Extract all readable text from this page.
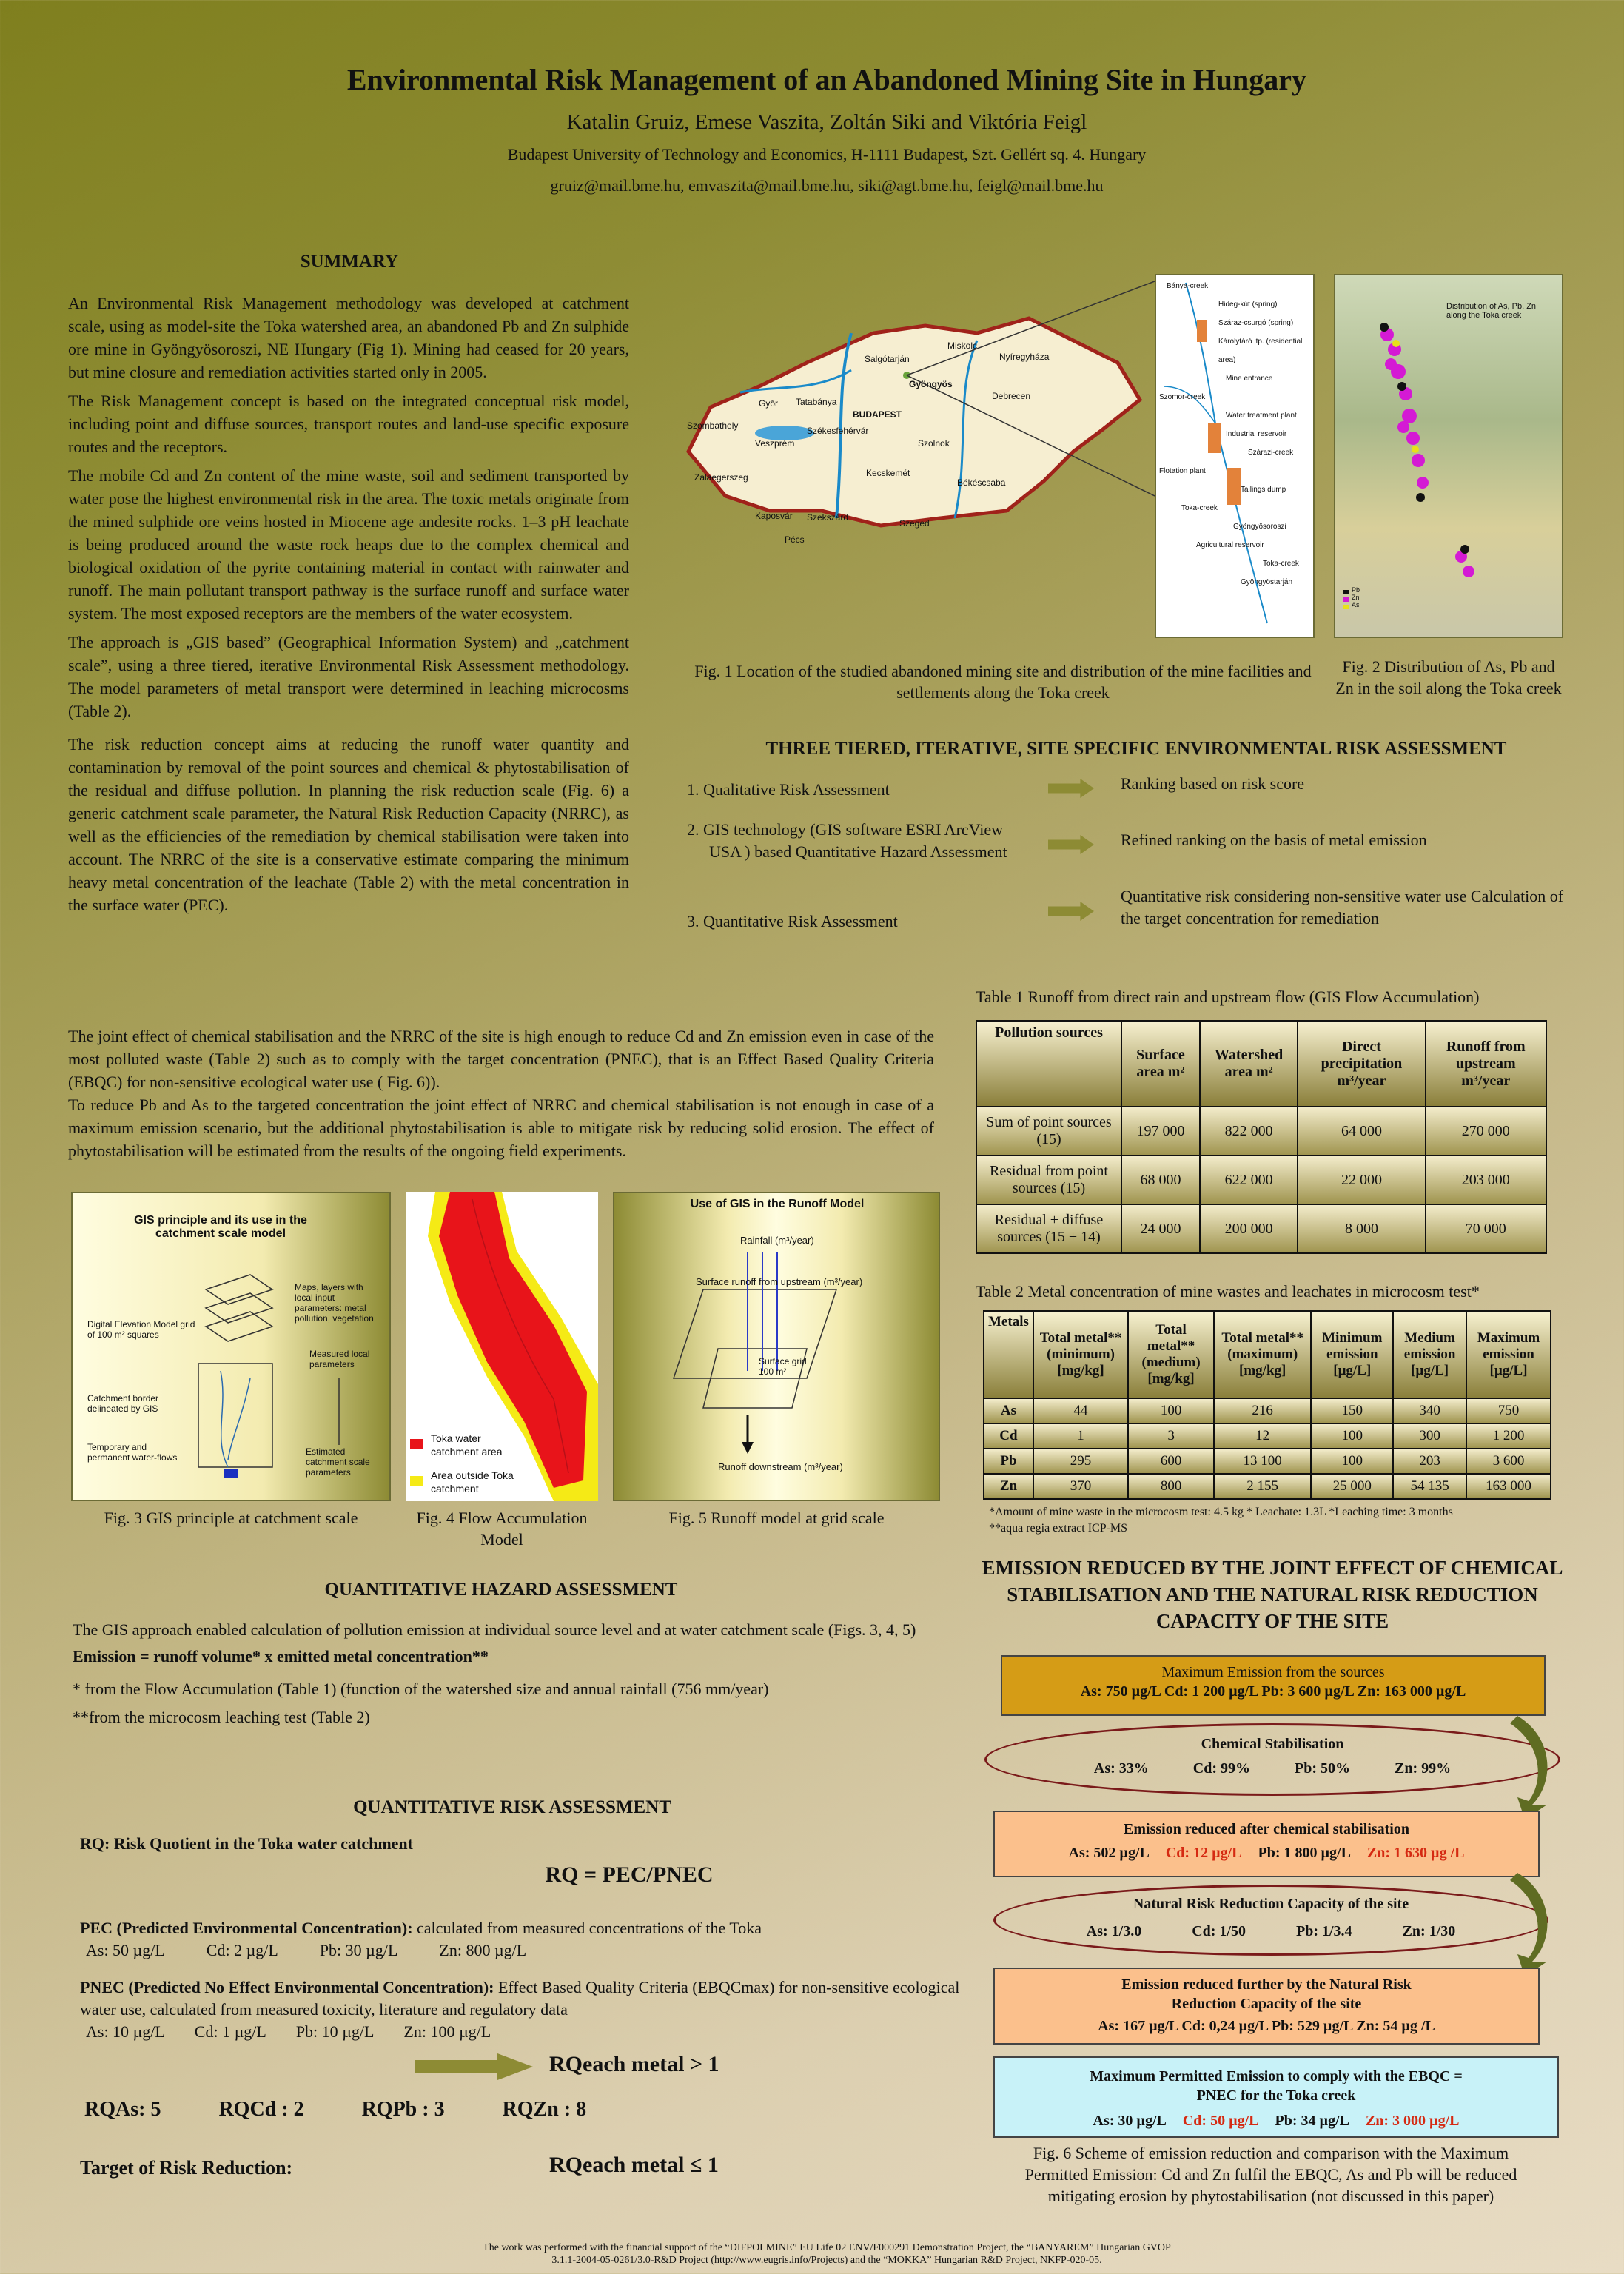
Environmental Risk Management of an Abandoned Mining Site in Hungary
Katalin Gruiz, Emese Vaszita, Zoltán Siki and Viktória Feigl
Budapest University of Technology and Economics, H-1111 Budapest, Szt. Gellért sq. 4. Hungary
gruiz@mail.bme.hu, emvaszita@mail.bme.hu, siki@agt.bme.hu, feigl@mail.bme.hu
SUMMARY

An Environmental Risk Management methodology was developed at catchment scale, using as model-site the Toka watershed area, an abandoned Pb and Zn sulphide ore mine in Gyöngyösoroszi, NE Hungary (Fig 1). Mining had ceased for 20 years, but mine closure and remediation activities started only in 2005.

The Risk Management concept is based on the integrated conceptual risk model, including point and diffuse sources, transport routes and land-use specific exposure routes and the receptors.

The mobile Cd and Zn content of the mine waste, soil and sediment transported by water pose the highest environmental risk in the area. The toxic metals originate from the mined sulphide ore veins hosted in Miocene age andesite rocks. 1–3 pH leachate is being produced around the waste rock heaps due to the complex chemical and biological oxidation of the pyrite containing material in contact with rainwater and runoff. The main pollutant transport pathway is the surface runoff and surface water system. The most exposed receptors are the members of the water ecosystem.

The approach is „GIS based” (Geographical Information System) and „catchment scale”, using a three tiered, iterative Environmental Risk Assessment methodology. The model parameters of metal transport were determined in leaching microcosms (Table 2).

The risk reduction concept aims at reducing the runoff water quantity and contamination by removal of the point sources and chemical & phytostabilisation of the residual and diffuse pollution. In planning the risk reduction scale (Fig. 6) a generic catchment scale parameter, the Natural Risk Reduction Capacity (NRRC), as well as the efficiencies of the remediation by chemical stabilisation were taken into account. The NRRC of the site is a conservative estimate comparing the minimum heavy metal concentration of the leachate (Table 2) with the metal concentration in the surface water (PEC).

The joint effect of chemical stabilisation and the NRRC of the site is high enough to reduce Cd and Zn emission even in case of the most polluted waste (Table 2) such as to comply with the target concentration (PNEC), that is an Effect Based Quality Criteria (EBQC) for non-sensitive ecological water use ( Fig. 6)).

To reduce Pb and As to the targeted concentration the joint effect of NRRC and chemical stabilisation is not enough in case of a maximum emission scenario, but the additional phytostabilisation is able to mitigate risk by reducing solid erosion. The effect of phytostabilisation will be estimated from the results of the ongoing field experiments.

Salgótarján
Miskolc
Nyíregyháza
Győr Tatabánya
Gyöngyös
Debrecen
BUDAPEST
Szombathely
Veszprém
Székesfehérvár
Szolnok
Zalaegerszeg	Kecskemét
Békéscsaba
Kaposvár Szekszárd
Szeged
Pécs
Bánya-creek
Hideg-kút (spring)
Száraz-csurgó (spring)
Károlytáró ltp. (residential area)
Mine entrance
Szomor-creek
Water treatment plant
Industrial reservoir
Szárazi-creek
Flotation plant
Tailings dump
Toka-creek
Gyöngyösoroszi
Agricultural reservoir
Toka-creek
Gyöngyöstarján
Distribution of As, Pb, Zn along the Toka creek
Pb
Zn
As
Fig. 1 Location of the studied abandoned mining site and distribution of the mine facilities and settlements along the Toka creek
Fig. 2 Distribution of As, Pb and Zn in the soil along the Toka creek
THREE TIERED, ITERATIVE, SITE SPECIFIC ENVIRONMENTAL RISK ASSESSMENT
1. Qualitative Risk Assessment	Ranking based on risk score
2. GIS technology (GIS software ESRI ArcView USA ) based Quantitative Hazard Assessment
Refined ranking on the basis of metal emission
3. Quantitative Risk Assessment
Quantitative risk considering non-sensitive water use Calculation of the target concentration for remediation
Table 1 Runoff from direct rain and upstream flow (GIS Flow Accumulation)
Pollution sources	Surface area m²	Watershed area m²	Direct precipitation m³/year	Runoff from upstream m³/year
Sum of point sources (15)	197 000	822 000	64 000	270 000
Residual from point sources (15)	68 000	622 000	22 000	203 000
Residual + diffuse sources (15 + 14)	24 000	200 000	8 000	70 000
Table 2 Metal concentration of mine wastes and leachates in microcosm test*
Metals	Total metal** (minimum) [mg/kg]	Total metal** (medium) [mg/kg]	Total metal** (maximum) [mg/kg]	Minimum emission [µg/L]	Medium emission [µg/L]	Maximum emission [µg/L]
As	44	100	216	150	340	750
Cd	1	3	12	100	300	1 200
Pb	295	600	13 100	100	203	3 600
Zn	370	800	2 155	25 000	54 135	163 000
*Amount of mine waste in the microcosm test: 4.5 kg * Leachate: 1.3L *Leaching time: 3 months
**aqua regia extract ICP-MS
GIS principle and its use in the catchment scale model
Maps, layers with local input parameters: metal pollution, vegetation
Digital Elevation Model grid of 100 m² squares
Measured local parameters
Catchment border delineated by GIS
Temporary and permanent water-flows
Estimated catchment scale parameters
Toka water catchment area
Area outside Toka catchment
Use of GIS in the Runoff Model
Rainfall (m³/year)
Surface runoff from upstream (m³/year)
Surface grid 100 m²
Runoff downstream (m³/year)
Fig. 3 GIS principle at catchment scale	Fig. 4 Flow Accumulation Model
Fig. 5 Runoff model at grid scale
QUANTITATIVE HAZARD ASSESSMENT
The GIS approach enabled calculation of pollution emission at individual source level and at water catchment scale (Figs. 3, 4, 5)
Emission = runoff volume* x emitted metal concentration**
* from the Flow Accumulation (Table 1) (function of the watershed size and annual rainfall (756 mm/year)
**from the microcosm leaching test (Table 2)
QUANTITATIVE RISK ASSESSMENT
RQ: Risk Quotient in the Toka water catchment
RQ = PEC/PNEC
PEC (Predicted Environmental Concentration): calculated from measured concentrations of the Toka
As: 50 µg/L	Cd: 2 µg/L	Pb: 30 µg/L	Zn: 800 µg/L
PNEC (Predicted No Effect Environmental Concentration): Effect Based Quality Criteria (EBQCmax) for non-sensitive ecological water use, calculated from measured toxicity, literature and regulatory data
As: 10 µg/L Cd: 1 µg/L Pb: 10 µg/L Zn: 100 µg/L
RQeach metal > 1
RQAs: 5	RQCd : 2	RQPb : 3	RQZn : 8
Target of Risk Reduction:	RQeach metal ≤ 1
EMISSION REDUCED BY THE JOINT EFFECT OF CHEMICAL STABILISATION AND THE NATURAL RISK REDUCTION CAPACITY OF THE SITE
Maximum Emission from the sources
As: 750 µg/L Cd: 1 200 µg/L Pb: 3 600 µg/L Zn: 163 000 µg/L
Chemical Stabilisation
As: 33%	Cd: 99%	Pb: 50%	Zn: 99%
Emission reduced after chemical stabilisation
As: 502 µg/L Cd: 12 µg/L Pb: 1 800 µg/L Zn: 1 630 µg /L
Natural Risk Reduction Capacity of the site
As: 1/3.0	Cd: 1/50	Pb: 1/3.4	Zn: 1/30
Emission reduced further by the Natural Risk Reduction Capacity of the site
As: 167 µg/L Cd: 0,24 µg/L Pb: 529 µg/L Zn: 54 µg /L
Maximum Permitted Emission to comply with the EBQC = PNEC for the Toka creek
As: 30 µg/L Cd: 50 µg/L Pb: 34 µg/L Zn: 3 000 µg/L
Fig. 6 Scheme of emission reduction and comparison with the Maximum Permitted Emission: Cd and Zn fulfil the EBQC, As and Pb will be reduced mitigating erosion by phytostabilisation (not discussed in this paper)
The work was performed with the financial support of the “DIFPOLMINE” EU Life 02 ENV/F000291 Demonstration Project, the “BANYAREM” Hungarian GVOP
3.1.1-2004-05-0261/3.0-R&D Project (http://www.eugris.info/Projects) and the “MOKKA” Hungarian R&D Project, NKFP-020-05.
